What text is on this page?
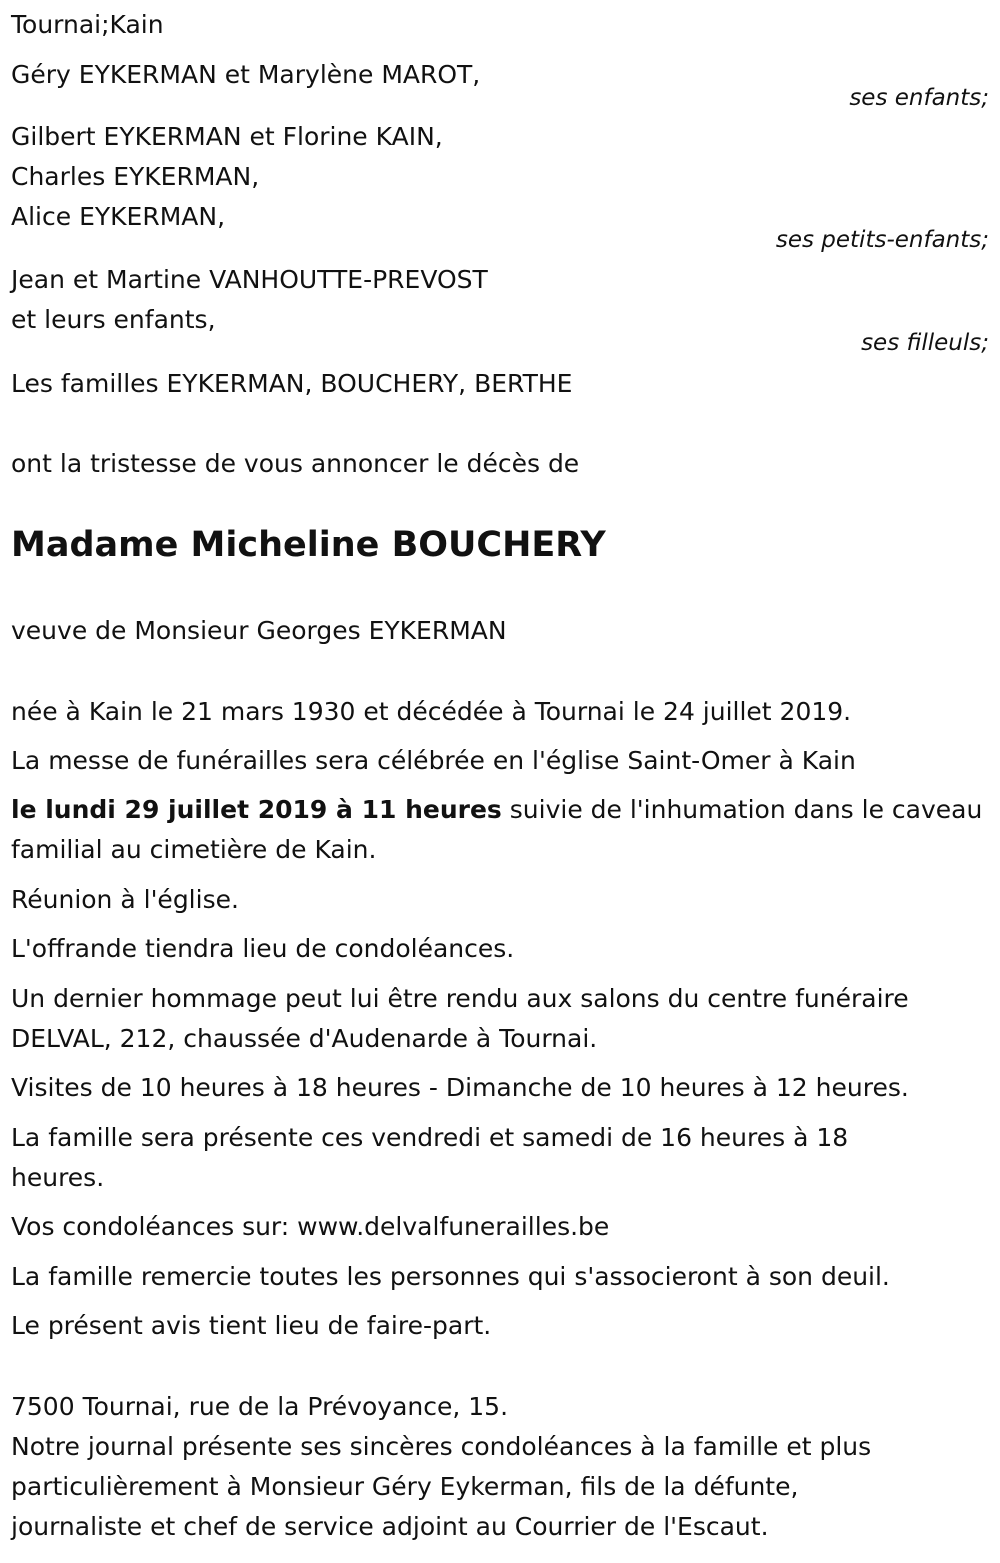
Tournai;Kain
Géry EYKERMAN et Marylène MAROT,
ses enfants;
Gilbert EYKERMAN et Florine KAIN,
Charles EYKERMAN,
Alice EYKERMAN,
ses petits-enfants;
Jean et Martine VANHOUTTE-PREVOST
et leurs enfants,
ses filleuls;
Les familles EYKERMAN, BOUCHERY, BERTHE
ont la tristesse de vous annoncer le décès de
Madame Micheline BOUCHERY
veuve de Monsieur Georges EYKERMAN
née à Kain le 21 mars 1930 et décédée à Tournai le 24 juillet 2019.
La messe de funérailles sera célébrée en l'église Saint-Omer à Kain
le lundi 29 juillet 2019 à 11 heures suivie de l'inhumation dans le caveau
familial au cimetière de Kain.
Réunion à l'église.
L'offrande tiendra lieu de condoléances.
Un dernier hommage peut lui être rendu aux salons du centre funéraire
DELVAL, 212, chaussée d'Audenarde à Tournai.
Visites de 10 heures à 18 heures - Dimanche de 10 heures à 12 heures.
La famille sera présente ces vendredi et samedi de 16 heures à 18
heures.
Vos condoléances sur: www.delvalfunerailles.be
La famille remercie toutes les personnes qui s'associeront à son deuil.
Le présent avis tient lieu de faire-part.
7500 Tournai, rue de la Prévoyance, 15.
Notre journal présente ses sincères condoléances à la famille et plus
particulièrement à Monsieur Géry Eykerman, fils de la défunte,
journaliste et chef de service adjoint au Courrier de l'Escaut.
